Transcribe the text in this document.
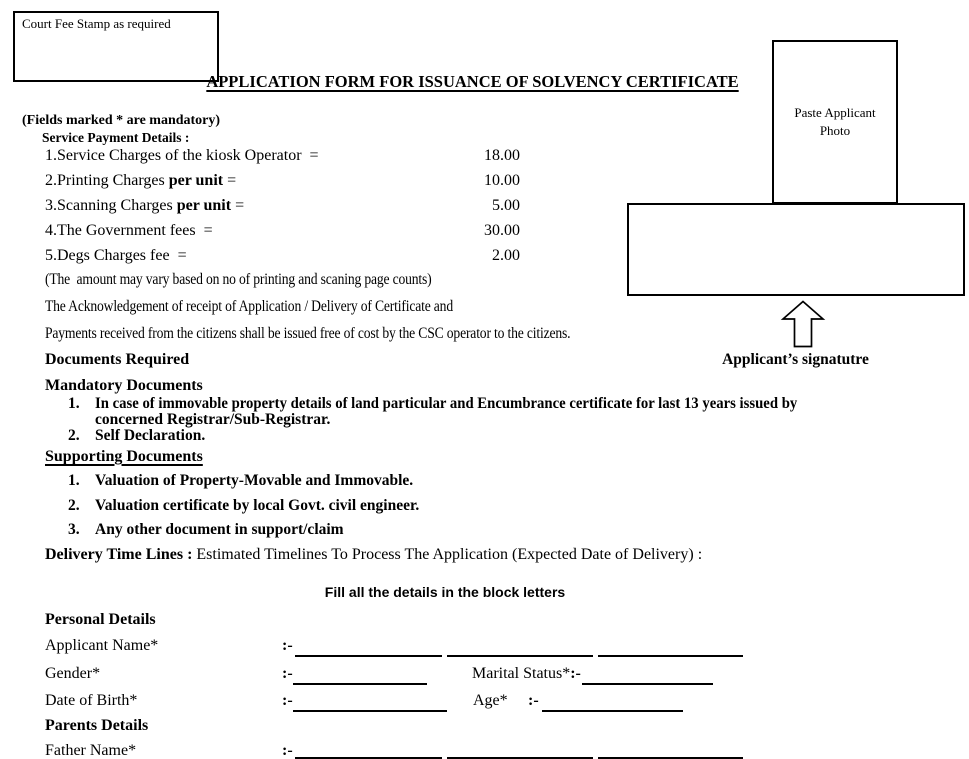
Court Fee Stamp as required
APPLICATION FORM FOR ISSUANCE OF SOLVENCY CERTIFICATE
Paste Applicant
Photo
Applicant’s signatutre
(Fields marked * are mandatory)
Service Payment Details :
1.Service Charges of the kiosk Operator  =	18.00
2.Printing Charges per unit =	10.00
3.Scanning Charges per unit =	5.00
4.The Government fees  =	30.00
5.Degs Charges fee  =	2.00
(The  amount may vary based on no of printing and scaning page counts)
The Acknowledgement of receipt of Application / Delivery of Certificate and
Payments received from the citizens shall be issued free of cost by the CSC operator to the citizens.
Documents Required
Mandatory Documents
1. In case of immovable property details of land particular and Encumbrance certificate for last 13 years issued by
concerned Registrar/Sub-Registrar.
2. Self Declaration.
Supporting Documents
1. Valuation of Property-Movable and Immovable.
2. Valuation certificate by local Govt. civil engineer.
3. Any other document in support/claim
Delivery Time Lines : Estimated Timelines To Process The Application (Expected Date of Delivery) :
Fill all the details in the block letters
Personal Details
Applicant Name*	:-
Gender*	:-	Marital Status*:-
Date of Birth*	:-	Age* :-
Parents Details
Father Name*	:-
